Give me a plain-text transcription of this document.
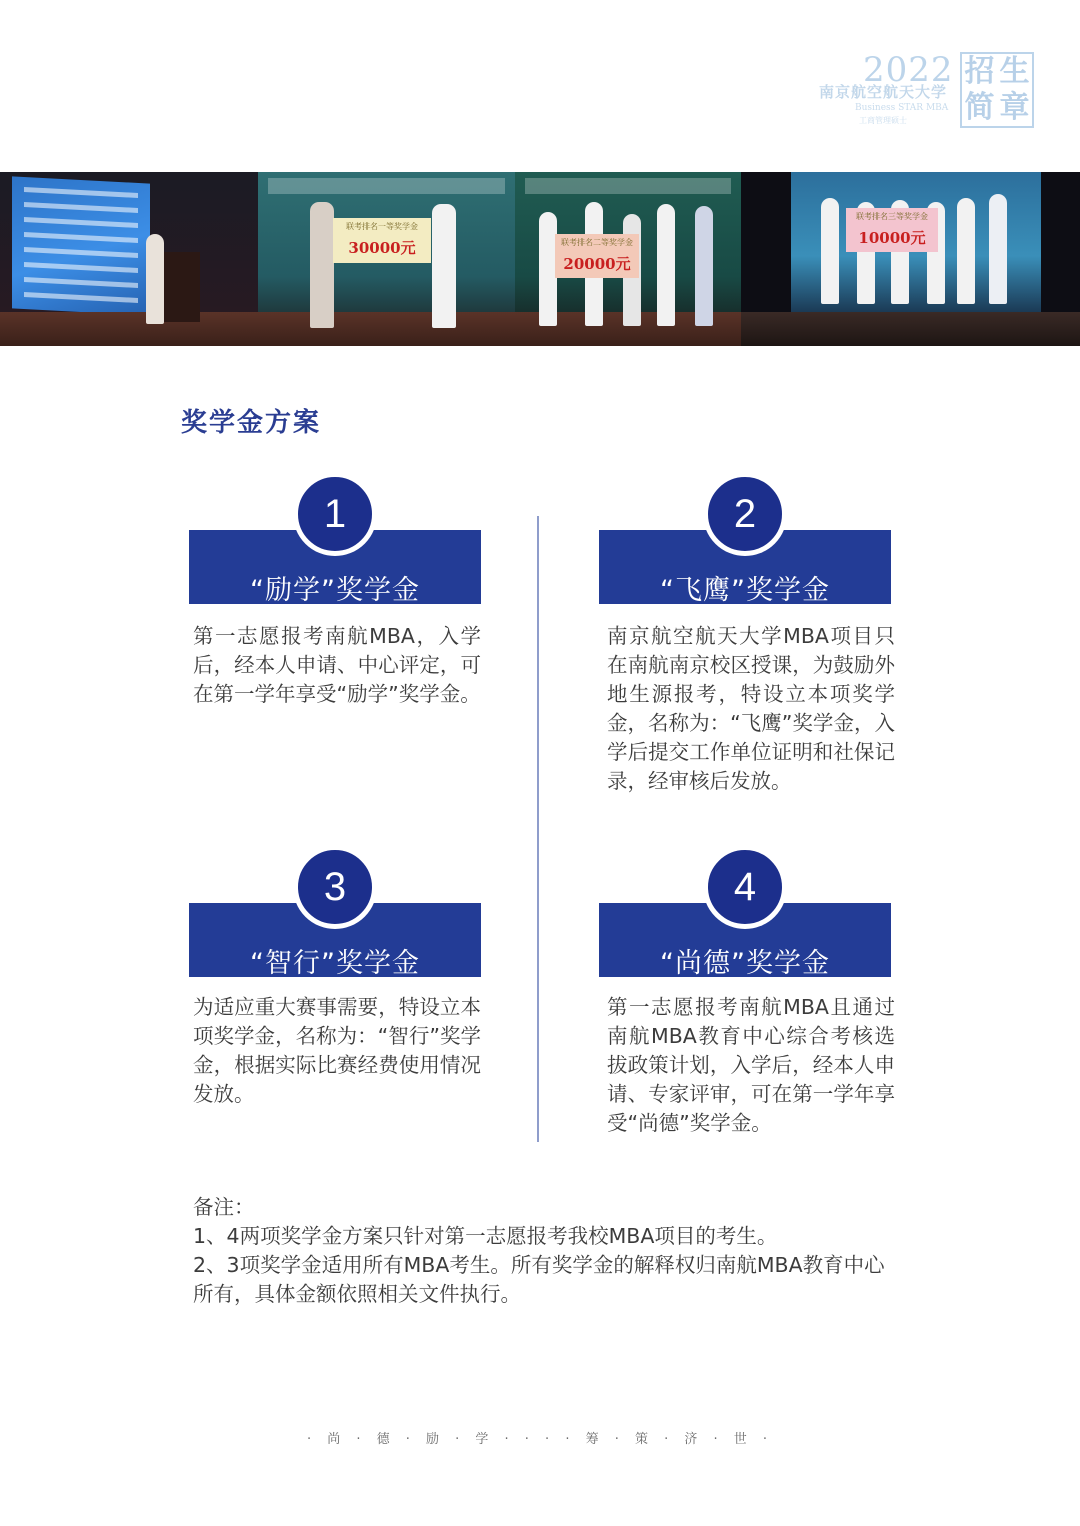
2022
南京航空航天大学
Business STAR MBA
工商管理硕士
招 生
简 章
联考排名一等奖学金
30000元	联考排名二等奖学金
20000元
联考排名三等奖学金
10000元
奖学金方案
1
“励学”奖学金

第一志愿报考南航MBA，入学后，经本人申请、中心评定，可在第一学年享受“励学”奖学金。

2
“飞鹰”奖学金

南京航空航天大学MBA项目只在南航南京校区授课，为鼓励外地生源报考，特设立本项奖学金，名称为：“飞鹰”奖学金，入学后提交工作单位证明和社保记录，经审核后发放。

3
“智行”奖学金

为适应重大赛事需要，特设立本项奖学金，名称为：“智行”奖学金，根据实际比赛经费使用情况发放。

4
“尚德”奖学金

第一志愿报考南航MBA且通过南航MBA教育中心综合考核选拔政策计划，入学后，经本人申请、专家评审，可在第一学年享受“尚德”奖学金。

备注：

1、4两项奖学金方案只针对第一志愿报考我校MBA项目的考生。

2、3项奖学金适用所有MBA考生。所有奖学金的解释权归南航MBA教育中心所有，具体金额依照相关文件执行。

· 尚 · 德 · 励 · 学 · · · · 筹 · 策 · 济 · 世 ·
